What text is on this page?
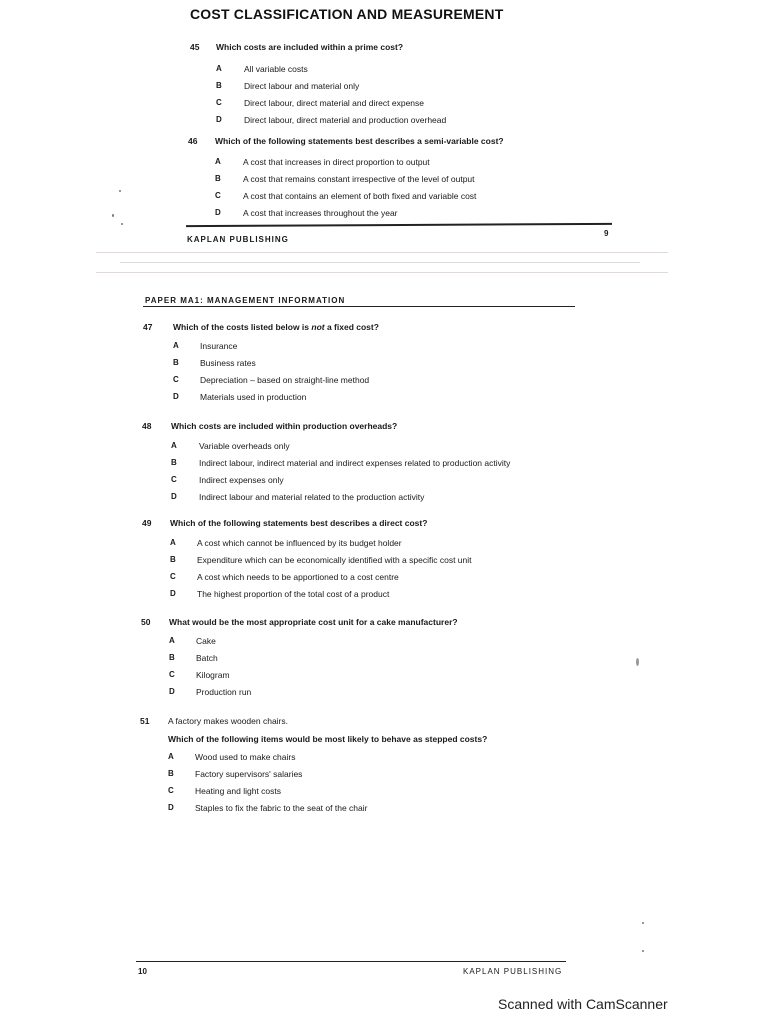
COST CLASSIFICATION AND MEASUREMENT
45 Which costs are included within a prime cost?
A	All variable costs
B	Direct labour and material only
C	Direct labour, direct material and direct expense
D	Direct labour, direct material and production overhead
46 Which of the following statements best describes a semi-variable cost?
A	A cost that increases in direct proportion to output
B	A cost that remains constant irrespective of the level of output
C	A cost that contains an element of both fixed and variable cost
D	A cost that increases throughout the year
KAPLAN PUBLISHING
9
PAPER MA1: MANAGEMENT INFORMATION
47 Which of the costs listed below is not a fixed cost?
A Insurance
B Business rates
C Depreciation – based on straight-line method
D Materials used in production
48 Which costs are included within production overheads?
A	Variable overheads only
B	Indirect labour, indirect material and indirect expenses related to production activity
C	Indirect expenses only
D	Indirect labour and material related to the production activity
49 Which of the following statements best describes a direct cost?
A A cost which cannot be influenced by its budget holder
B Expenditure which can be economically identified with a specific cost unit
C A cost which needs to be apportioned to a cost centre
D The highest proportion of the total cost of a product
50 What would be the most appropriate cost unit for a cake manufacturer?
A Cake
B Batch
C Kilogram
D Production run
51 A factory makes wooden chairs.
Which of the following items would be most likely to behave as stepped costs?
A Wood used to make chairs
B Factory supervisors' salaries
C Heating and light costs
D Staples to fix the fabric to the seat of the chair
10	KAPLAN PUBLISHING
Scanned with CamScanner
